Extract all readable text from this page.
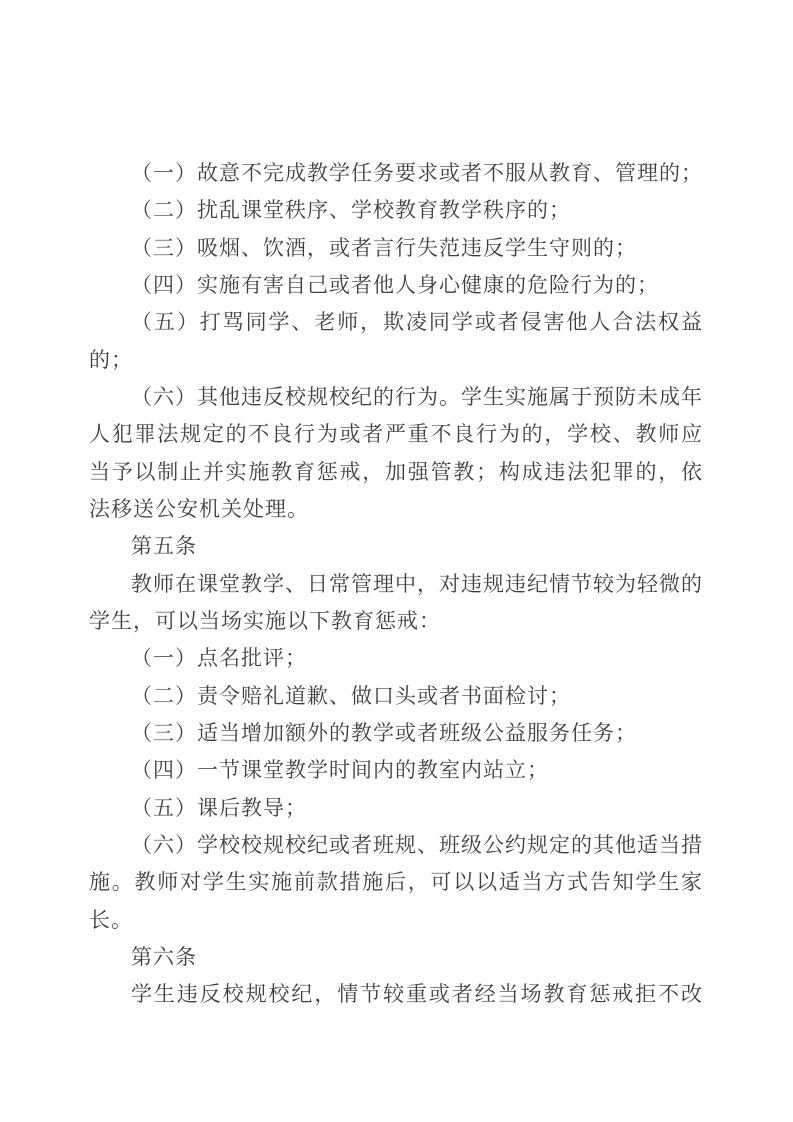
（一）故意不完成教学任务要求或者不服从教育、管理的；

（二）扰乱课堂秩序、学校教育教学秩序的；

（三）吸烟、饮酒，或者言行失范违反学生守则的；

（四）实施有害自己或者他人身心健康的危险行为的；

（五）打骂同学、老师，欺凌同学或者侵害他人合法权益的；

（六）其他违反校规校纪的行为。学生实施属于预防未成年人犯罪法规定的不良行为或者严重不良行为的，学校、教师应当予以制止并实施教育惩戒，加强管教；构成违法犯罪的，依法移送公安机关处理。

第五条

教师在课堂教学、日常管理中，对违规违纪情节较为轻微的学生，可以当场实施以下教育惩戒：

（一）点名批评；

（二）责令赔礼道歉、做口头或者书面检讨；

（三）适当增加额外的教学或者班级公益服务任务；

（四）一节课堂教学时间内的教室内站立；

（五）课后教导；

（六）学校校规校纪或者班规、班级公约规定的其他适当措施。教师对学生实施前款措施后，可以以适当方式告知学生家长。

第六条

学生违反校规校纪，情节较重或者经当场教育惩戒拒不改
